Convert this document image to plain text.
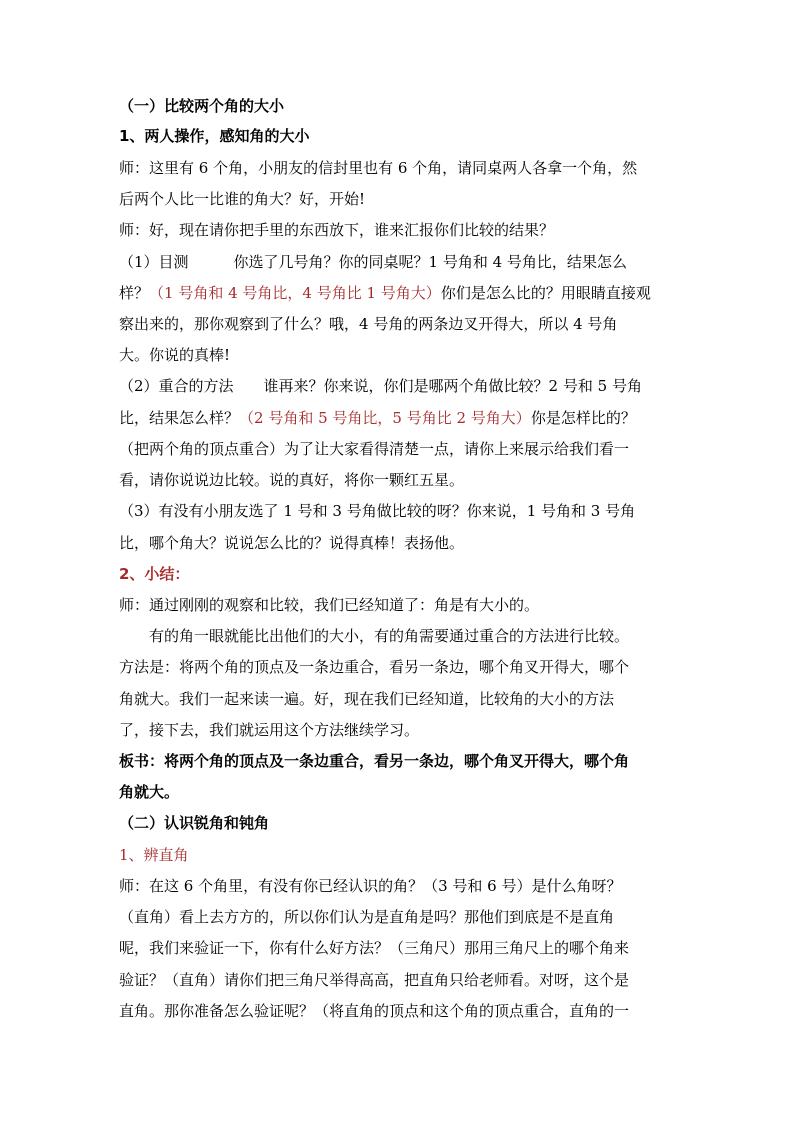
（一）比较两个角的大小
1、两人操作，感知角的大小
师：这里有 6 个角，小朋友的信封里也有 6 个角，请同桌两人各拿一个角，然
后两个人比一比谁的角大？好，开始!
师：好，现在请你把手里的东西放下，谁来汇报你们比较的结果？
（1）目测　　　你选了几号角？你的同桌呢？1 号角和 4 号角比，结果怎么
样？（1 号角和 4 号角比，4 号角比 1 号角大）你们是怎么比的？用眼睛直接观
察出来的，那你观察到了什么？哦，4 号角的两条边叉开得大，所以 4 号角
大。你说的真棒!
（2）重合的方法　　谁再来？你来说，你们是哪两个角做比较？2 号和 5 号角
比，结果怎么样？（2 号角和 5 号角比，5 号角比 2 号角大）你是怎样比的？
（把两个角的顶点重合）为了让大家看得清楚一点，请你上来展示给我们看一
看，请你说说边比较。说的真好，将你一颗红五星。
（3）有没有小朋友选了 1 号和 3 号角做比较的呀？你来说，1 号角和 3 号角
比，哪个角大？说说怎么比的？说得真棒！表扬他。
2、小结：
师：通过刚刚的观察和比较，我们已经知道了：角是有大小的。
　　有的角一眼就能比出他们的大小，有的角需要通过重合的方法进行比较。
方法是：将两个角的顶点及一条边重合，看另一条边，哪个角叉开得大，哪个
角就大。我们一起来读一遍。好，现在我们已经知道，比较角的大小的方法
了，接下去，我们就运用这个方法继续学习。
板书：将两个角的顶点及一条边重合，看另一条边，哪个角叉开得大，哪个角
角就大。
（二）认识锐角和钝角
1、辨直角
师：在这 6 个角里，有没有你已经认识的角？（3 号和 6 号）是什么角呀？
（直角）看上去方方的，所以你们认为是直角是吗？那他们到底是不是直角
呢，我们来验证一下，你有什么好方法？（三角尺）那用三角尺上的哪个角来
验证？（直角）请你们把三角尺举得高高，把直角只给老师看。对呀，这个是
直角。那你准备怎么验证呢？（将直角的顶点和这个角的顶点重合，直角的一
